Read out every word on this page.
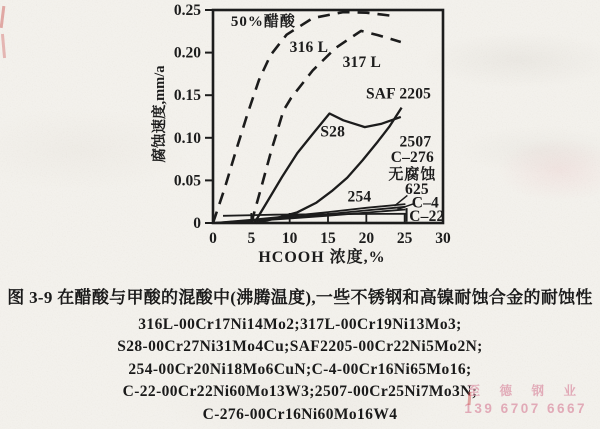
0 5 10 15 20 25 30
0
0.05
0.10
0.15
0.20
0.25
HCOOH 浓度,%
腐蚀速度,mm/a
50%醋酸
316 L
317 L
SAF 2205
S28
2507
C–276
无腐蚀
625
254	C–4
C–22
图 3-9 在醋酸与甲酸的混酸中(沸腾温度),一些不锈钢和高镍耐蚀合金的耐蚀性
316L-00Cr17Ni14Mo2;317L-00Cr19Ni13Mo3;
S28-00Cr27Ni31Mo4Cu;SAF2205-00Cr22Ni5Mo2N;
254-00Cr20Ni18Mo6CuN;C-4-00Cr16Ni65Mo16;
C-22-00Cr22Ni60Mo13W3;2507-00Cr25Ni7Mo3N;
C-276-00Cr16Ni60Mo16W4
至 德 钢 业
139 6707 6667
